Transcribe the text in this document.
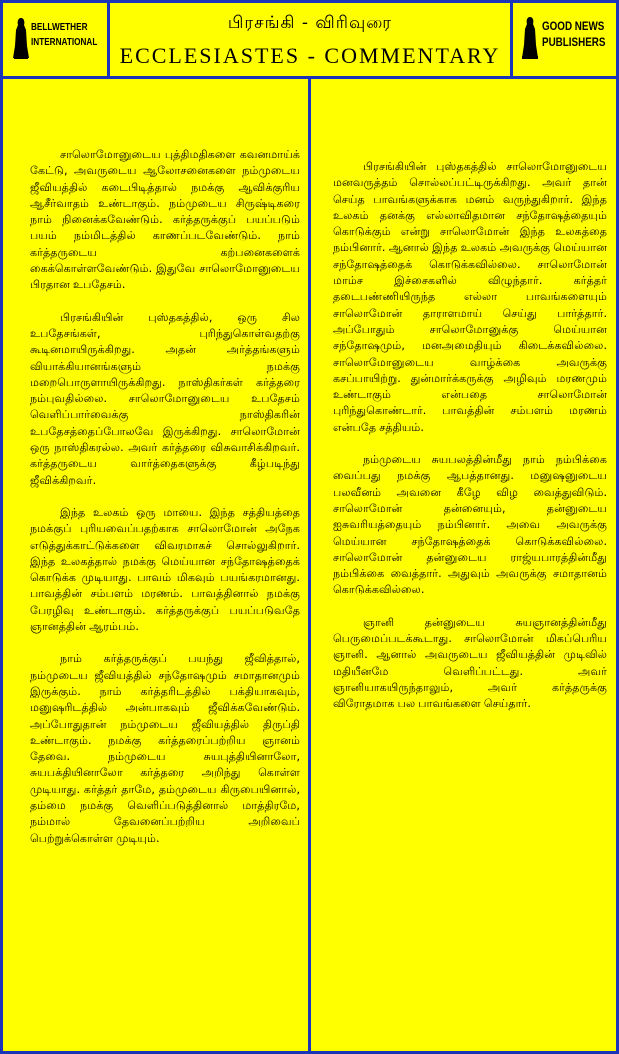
BELLWETHER
INTERNATIONAL
பிரசங்கி - விரிவுரை
ECCLESIASTES - COMMENTARY
GOOD NEWS
PUBLISHERS

சாலொமோனுடைய புத்திமதிகளை கவனமாய்க் கேட்டு, அவருடைய ஆலோசனைகளை நம்முடைய ஜீவியத்தில் கடைபிடித்தால் நமக்கு ஆவிக்குரிய ஆசீர்வாதம் உண்டாகும். நம்முடைய சிருஷ்டிகரை நாம் நினைக்கவேண்டும். கர்த்தருக்குப் பயப்படும் பயம் நம்மிடத்தில் காணப்படவேண்டும். நாம் கர்த்தருடைய கற்பனைகளைக் கைக்கொள்ளவேண்டும். இதுவே சாலொமோனுடைய பிரதான உபதேசம்.

பிரசங்கியின் புஸ்தகத்தில், ஒரு சில உபதேசங்கள், புரிந்துகொள்வதற்கு கூடினமாயிருக்கிறது. அதன் அர்த்தங்களும் வியாக்கியானங்களும் நமக்கு மறைபொருளாயிருக்கிறது. நாஸ்திகர்கள் கர்த்தரை நம்புவதில்லை. சாலொமோனுடைய உபதேசம் வெளிப்பார்வைக்கு நாஸ்திகரின் உபதேசத்தைப்போலவே இருக்கிறது. சாலொமோன் ஒரு நாஸ்திகரல்ல. அவர் கர்த்தரை விசுவாசிக்கிறவர். கர்த்தருடைய வார்த்தைகளுக்கு கீழ்படிந்து ஜீவிக்கிறவர்.

இந்த உலகம் ஒரு மாயை. இந்த சத்தியத்தை நமக்குப் புரியவைப்பதற்காக சாலொமோன் அநேக எடுத்துக்காட்டுக்களை விவரமாகச் சொல்லுகிறார். இந்த உலகத்தால் நமக்கு மெய்யான சந்தோஷத்தைக் கொடுக்க முடியாது. பாவம் மிகவும் பயங்கரமானது. பாவத்தின் சம்பளம் மரணம். பாவத்தினால் நமக்கு பேரழிவு உண்டாகும். கர்த்தருக்குப் பயப்படுவதே ஞானத்தின் ஆரம்பம்.

நாம் கர்த்தருக்குப் பயந்து ஜீவித்தால், நம்முடைய ஜீவியத்தில் சந்தோஷமும் சமாதானமும் இருக்கும். நாம் கர்த்தரிடத்தில் பக்தியாகவும், மனுஷரிடத்தில் அன்பாகவும் ஜீவிக்கவேண்டும். அப்போதுதான் நம்முடைய ஜீவியத்தில் திருப்தி உண்டாகும். நமக்கு கர்த்தரைப்பற்றிய ஞானம் தேவை. நம்முடைய சுயபுத்தியினாலோ, சுயபக்தியினாலோ கர்த்தரை அறிந்து கொள்ள முடியாது. கர்த்தர் தாமே, தம்முடைய கிருபையினால், தம்மை நமக்கு வெளிப்படுத்தினால் மாத்திரமே, நம்மால் தேவனைப்பற்றிய அறிவைப் பெற்றுக்கொள்ள முடியும்.

பிரசங்கியின் புஸ்தகத்தில் சாலொமோனுடைய மனவருத்தம் சொல்லப்பட்டிருக்கிறது. அவர் தான் செய்த பாவங்களுக்காக மனம் வருந்துகிறார். இந்த உலகம் தனக்கு எல்லாவிதமான சந்தோஷத்தையும் கொடுக்கும் என்று சாலொமோன் இந்த உலகத்தை நம்பினார். ஆனால் இந்த உலகம் அவருக்கு மெய்யான சந்தோஷத்தைக் கொடுக்கவில்லை. சாலொமோன் மாம்ச இச்சைகளில் விழுந்தார். கர்த்தர் தடைபண்ணியிருந்த எல்லா பாவங்களையும் சாலொமோன் தாராளமாய் செய்து பார்த்தார். அப்போதும் சாலொமோனுக்கு மெய்யான சந்தோஷமும், மனஅமைதியும் கிடைக்கவில்லை. சாலொமோனுடைய வாழ்க்கை அவருக்கு கசப்பாயிற்று. துன்மார்க்கருக்கு அழிவும் மரணமும் உண்டாகும் என்பதை சாலொமோன் புரிந்துகொண்டார். பாவத்தின் சம்பளம் மரணம் என்பதே சத்தியம்.

நம்முடைய சுயபலத்தின்மீது நாம் நம்பிக்கை வைப்பது நமக்கு ஆபத்தானது. மனுஷனுடைய பலவீனம் அவனை கீழே விழ வைத்துவிடும். சாலொமோன் தன்னையும், தன்னுடைய ஐசுவரியத்தையும் நம்பினார். அவை அவருக்கு மெய்யான சந்தோஷத்தைக் கொடுக்கவில்லை. சாலொமோன் தன்னுடைய ராஜ்யபாரத்தின்மீது நம்பிக்கை வைத்தார். அதுவும் அவருக்கு சமாதானம் கொடுக்கவில்லை.

ஞானி தன்னுடைய சுயஞானத்தின்மீது பெருமைப்படக்கூடாது. சாலொமோன் மிகப்பெரிய ஞானி. ஆனால் அவருடைய ஜீவியத்தின் முடிவில் மதியீனமே வெளிப்பட்டது. அவர் ஞானியாகயிருந்தாலும், அவர் கர்த்தருக்கு விரோதமாக பல பாவங்களை செய்தார்.
